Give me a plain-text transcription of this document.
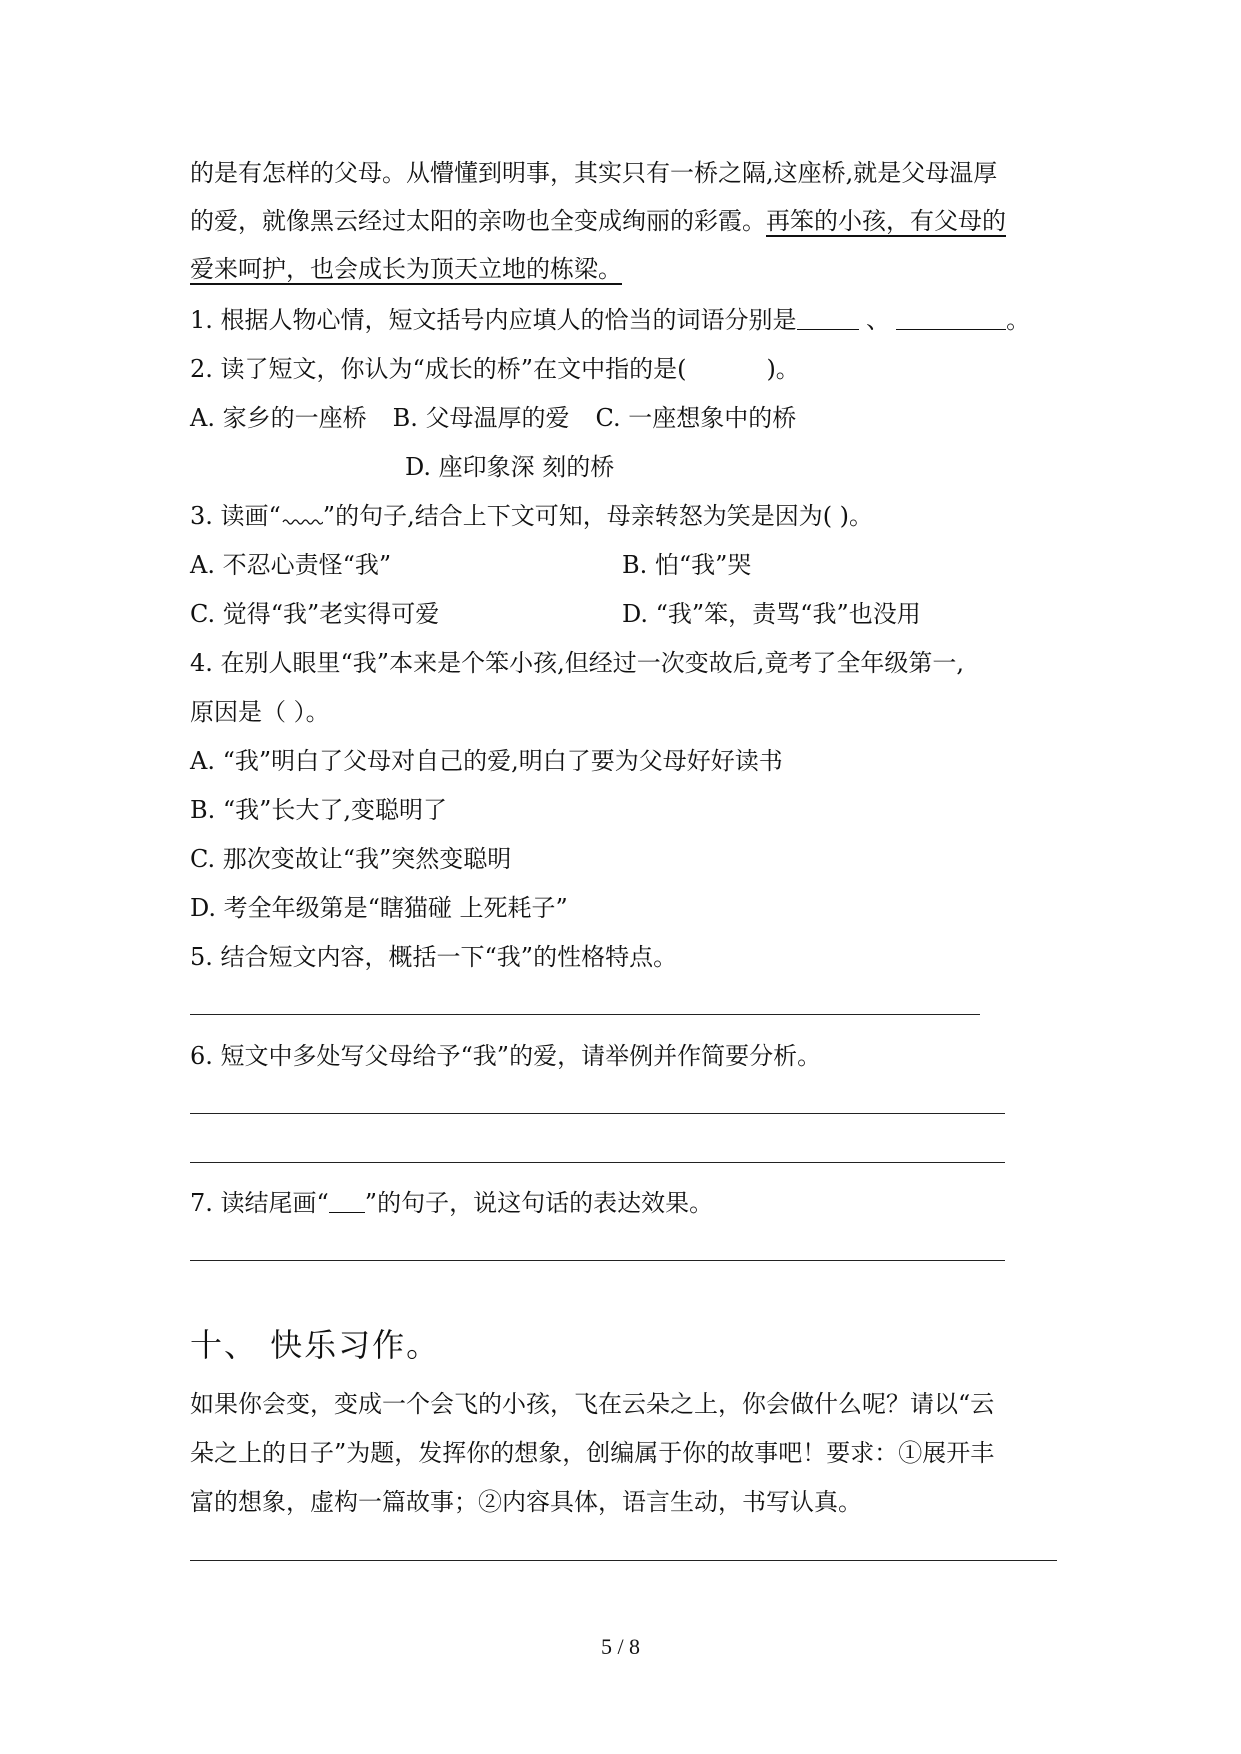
的是有怎样的父母。从懵懂到明事，其实只有一桥之隔,这座桥,就是父母温厚
的爱，就像黑云经过太阳的亲吻也全变成绚丽的彩霞。再笨的小孩，有父母的
爱来呵护，也会成长为顶天立地的栋梁。
1. 根据人物心情，短文括号内应填人的恰当的词语分别是	、	。
2. 读了短文，你认为“成长的桥”在文中指的是(	)。
A. 家乡的一座桥 B. 父母温厚的爱 C. 一座想象中的桥
D. 座印象深 刻的桥
3. 读画“ ”的句子,结合上下文可知，母亲转怒为笑是因为( )。
A. 不忍心责怪“我”	B. 怕“我”哭
C. 觉得“我”老实得可爱	D. “我”笨，责骂“我”也没用
4. 在别人眼里“我”本来是个笨小孩,但经过一次变故后,竟考了全年级第一,
原因是（ ）。
A. “我”明白了父母对自己的爱,明白了要为父母好好读书
B. “我”长大了,变聪明了
C. 那次变故让“我”突然变聪明
D. 考全年级第是“瞎猫碰 上死耗子”
5. 结合短文内容，概括一下“我”的性格特点。
6. 短文中多处写父母给予“我”的爱，请举例并作简要分析。
7. 读结尾画“ ”的句子，说这句话的表达效果。
十、 快乐习作。
如果你会变，变成一个会飞的小孩，飞在云朵之上，你会做什么呢？请以“云
朵之上的日子”为题，发挥你的想象，创编属于你的故事吧！要求：①展开丰
富的想象，虚构一篇故事；②内容具体，语言生动，书写认真。
5 / 8
